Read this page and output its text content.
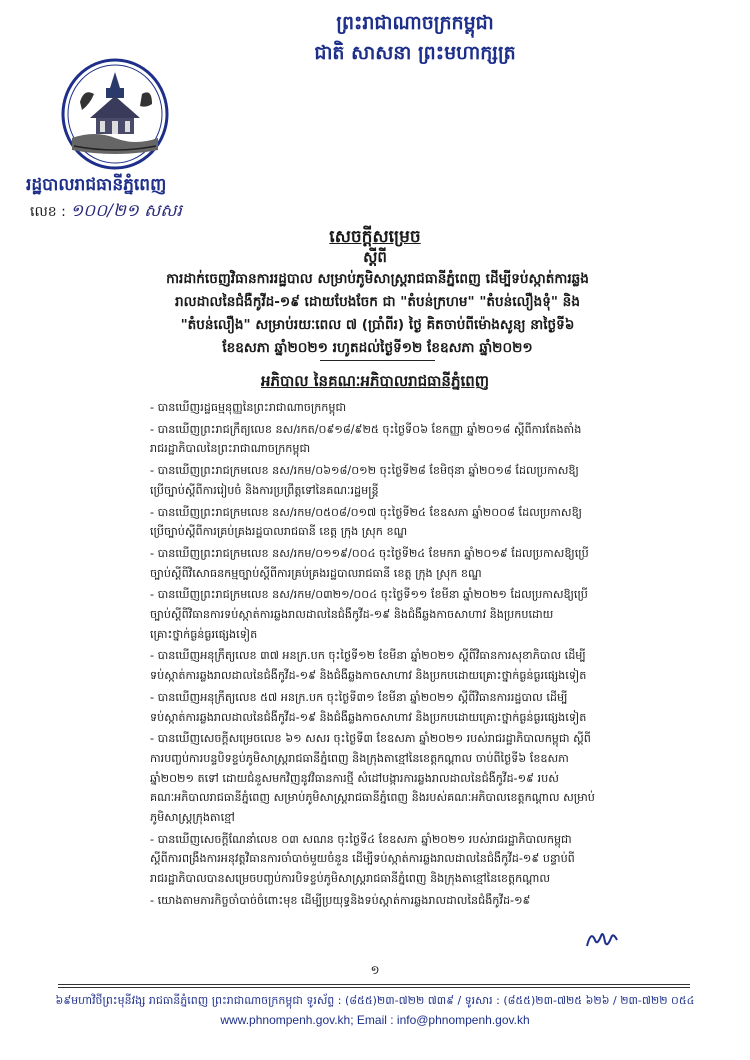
ព្រះរាជាណាចក្រកម្ពុជា
ជាតិ សាសនា ព្រះមហាក្សត្រ
រដ្ឋបាលរាជធានីភ្នំពេញ
លេខ : ១០០/២១ សសរ
សេចក្ដីសម្រេច
ស្ដីពី
ការដាក់ចេញវិធានការរដ្ឋបាល សម្រាប់ភូមិសាស្ត្ររាជធានីភ្នំពេញ ដើម្បីទប់ស្កាត់ការឆ្លង
រាលដាលនៃជំងឺកូវីដ-១៩ ដោយបែងចែក ជា "តំបន់ក្រហម" "តំបន់លឿងទុំ" និង
"តំបន់លឿង" សម្រាប់រយៈពេល ៧ (ប្រាំពីរ) ថ្ងៃ គិតចាប់ពីម៉ោងសូន្យ នាថ្ងៃទី៦
ខែឧសភា ឆ្នាំ២០២១ រហូតដល់ថ្ងៃទី១២ ខែឧសភា ឆ្នាំ២០២១
អភិបាល នៃគណៈអភិបាលរាជធានីភ្នំពេញ
- បានឃើញរដ្ឋធម្មនុញ្ញនៃព្រះរាជាណាចក្រកម្ពុជា
- បានឃើញព្រះរាជក្រឹត្យលេខ នស/រកត/០៩១៨/៩២៥ ចុះថ្ងៃទី០៦ ខែកញ្ញា ឆ្នាំ២០១៨ ស្ដីពីការតែងតាំង
រាជរដ្ឋាភិបាលនៃព្រះរាជាណាចក្រកម្ពុជា
- បានឃើញព្រះរាជក្រមលេខ នស/រកម/០៦១៨/០១២ ចុះថ្ងៃទី២៨ ខែមិថុនា ឆ្នាំ២០១៨ ដែលប្រកាសឱ្យ
ប្រើច្បាប់ស្ដីពីការរៀបចំ និងការប្រព្រឹត្តទៅនៃគណៈរដ្ឋមន្ត្រី
- បានឃើញព្រះរាជក្រមលេខ នស/រកម/០៥០៨/០១៧ ចុះថ្ងៃទី២៤ ខែឧសភា ឆ្នាំ២០០៨ ដែលប្រកាសឱ្យ
ប្រើច្បាប់ស្ដីពីការគ្រប់គ្រងរដ្ឋបាលរាជធានី ខេត្ត ក្រុង ស្រុក ខណ្ឌ
- បានឃើញព្រះរាជក្រមលេខ នស/រកម/០១១៩/០០៤ ចុះថ្ងៃទី២៤ ខែមករា ឆ្នាំ២០១៩ ដែលប្រកាសឱ្យប្រើ
ច្បាប់ស្ដីពីវិសោធនកម្មច្បាប់ស្ដីពីការគ្រប់គ្រងរដ្ឋបាលរាជធានី ខេត្ត ក្រុង ស្រុក ខណ្ឌ
- បានឃើញព្រះរាជក្រមលេខ នស/រកម/០៣២១/០០៤ ចុះថ្ងៃទី១១ ខែមីនា ឆ្នាំ២០២១ ដែលប្រកាសឱ្យប្រើ
ច្បាប់ស្ដីពីវិធានការទប់ស្កាត់ការឆ្លងរាលដាលនៃជំងឺកូវីដ-១៩ និងជំងឺឆ្លងកាចសាហាវ និងប្រកបដោយ
គ្រោះថ្នាក់ធ្ងន់ធ្ងរផ្សេងទៀត
- បានឃើញអនុក្រឹត្យលេខ ៣៧ អនក្រ.បក ចុះថ្ងៃទី១២ ខែមីនា ឆ្នាំ២០២១ ស្ដីពីវិធានការសុខាភិបាល ដើម្បី
ទប់ស្កាត់ការឆ្លងរាលដាលនៃជំងឺកូវីដ-១៩ និងជំងឺឆ្លងកាចសាហាវ និងប្រកបដោយគ្រោះថ្នាក់ធ្ងន់ធ្ងរផ្សេងទៀត
- បានឃើញអនុក្រឹត្យលេខ ៥៧ អនក្រ.បក ចុះថ្ងៃទី៣១ ខែមីនា ឆ្នាំ២០២១ ស្ដីពីវិធានការរដ្ឋបាល ដើម្បី
ទប់ស្កាត់ការឆ្លងរាលដាលនៃជំងឺកូវីដ-១៩ និងជំងឺឆ្លងកាចសាហាវ និងប្រកបដោយគ្រោះថ្នាក់ធ្ងន់ធ្ងរផ្សេងទៀត
- បានឃើញសេចក្ដីសម្រេចលេខ ៦១ សសរ ចុះថ្ងៃទី៣ ខែឧសភា ឆ្នាំ២០២១ របស់រាជរដ្ឋាភិបាលកម្ពុជា ស្ដីពី
ការបញ្ចប់ការបន្ទបិទខ្ទប់ភូមិសាស្ត្ររាជធានីភ្នំពេញ និងក្រុងតាខ្មៅនៃខេត្តកណ្ដាល ចាប់ពីថ្ងៃទី៦ ខែឧសភា
ឆ្នាំ២០២១ តទៅ ដោយជំនួសមកវិញនូវវិធានការថ្មី សំដៅបង្ការការឆ្លងរាលដាលនៃជំងឺកូវីដ-១៩ របស់
គណៈអភិបាលរាជធានីភ្នំពេញ សម្រាប់ភូមិសាស្ត្ររាជធានីភ្នំពេញ និងរបស់គណៈអភិបាលខេត្តកណ្ដាល សម្រាប់
ភូមិសាស្ត្រក្រុងតាខ្មៅ
- បានឃើញសេចក្ដីណែនាំលេខ ០៣ សណន ចុះថ្ងៃទី៤ ខែឧសភា ឆ្នាំ២០២១ របស់រាជរដ្ឋាភិបាលកម្ពុជា
ស្ដីពីការពង្រឹងការអនុវត្តវិធានការចាំបាច់មួយចំនួន ដើម្បីទប់ស្កាត់ការឆ្លងរាលដាលនៃជំងឺកូវីដ-១៩ បន្ទាប់ពី
រាជរដ្ឋាភិបាលបានសម្រេចបញ្ចប់ការបិទខ្ទប់ភូមិសាស្ត្ររាជធានីភ្នំពេញ និងក្រុងតាខ្មៅនៃខេត្តកណ្ដាល
- យោងតាមភារកិច្ចចាំបាច់ចំពោះមុខ ដើម្បីប្រយុទ្ធនិងទប់ស្កាត់ការឆ្លងរាលដាលនៃជំងឺកូវីដ-១៩
១
៦៩មហាវិថីព្រះមុនីវង្ស រាជធានីភ្នំពេញ ព្រះរាជាណាចក្រកម្ពុជា ទូរស័ព្ទ : (៨៥៥)២៣-៧២២ ៧៣៩ / ទូរសារ : (៨៥៥)២៣-៧២៥ ៦២៦ / ២៣-៧២២ ០៥៤
www.phnompenh.gov.kh; Email : info@phnompenh.gov.kh
